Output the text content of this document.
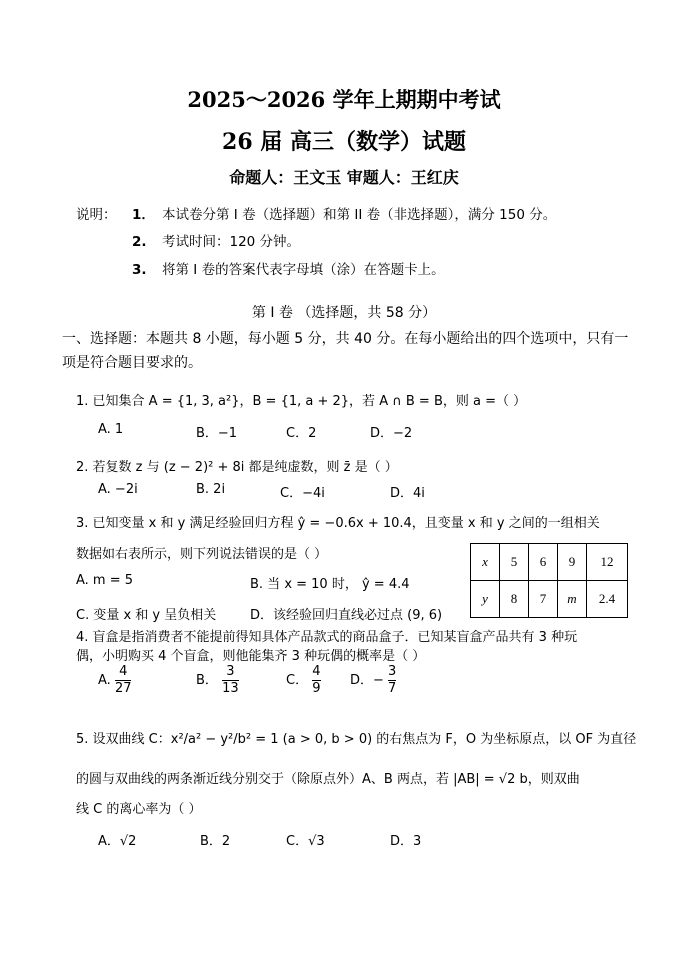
2025～2026 学年上期期中考试
26 届 高三（数学）试题
命题人：王文玉 审题人：王红庆
说明： 1． 本试卷分第 I 卷（选择题）和第 II 卷（非选择题），满分 150 分。
2. 考试时间：120 分钟。
3. 将第 I 卷的答案代表字母填（涂）在答题卡上。
第 I 卷 （选择题，共 58 分）
一、选择题：本题共 8 小题，每小题 5 分，共 40 分。在每小题给出的四个选项中，只有一项是符合题目要求的。
1. 已知集合 A = {1, 3, a²}，B = {1, a + 2}，若 A ∩ B = B，则 a =（ ）
A. 1	B．−1	C．2	D．−2
2. 若复数 z 与 (z − 2)² + 8i 都是纯虚数，则 z̄ 是（ ）
A. −2i	B. 2i	C．−4i	D．4i
3. 已知变量 x 和 y 满足经验回归方程 ŷ = −0.6x + 10.4，且变量 x 和 y 之间的一组相关
数据如右表所示，则下列说法错误的是（ ）
A. m = 5	B. 当 x = 10 时， ŷ = 4.4
C. 变量 x 和 y 呈负相关	D．该经验回归直线必过点 (9, 6)
x	5	6	9	12
y	8	7	m	2.4
4. 盲盒是指消费者不能提前得知具体产品款式的商品盒子．已知某盲盒产品共有 3 种玩
偶，小明购买 4 个盲盒，则他能集齐 3 种玩偶的概率是（ ）
A. $\frac{4}{27}$	B． $\frac{3}{13}$	C． $\frac{4}{9}$ D．− $\frac{3}{7}$
5. 设双曲线 C：x²/a² − y²/b² = 1 (a > 0, b > 0) 的右焦点为 F，O 为坐标原点，以 OF 为直径
的圆与双曲线的两条渐近线分别交于（除原点外）A、B 两点，若 |AB| = √2 b，则双曲
线 C 的离心率为（ ）
A．√2	B．2	C．√3	D．3
